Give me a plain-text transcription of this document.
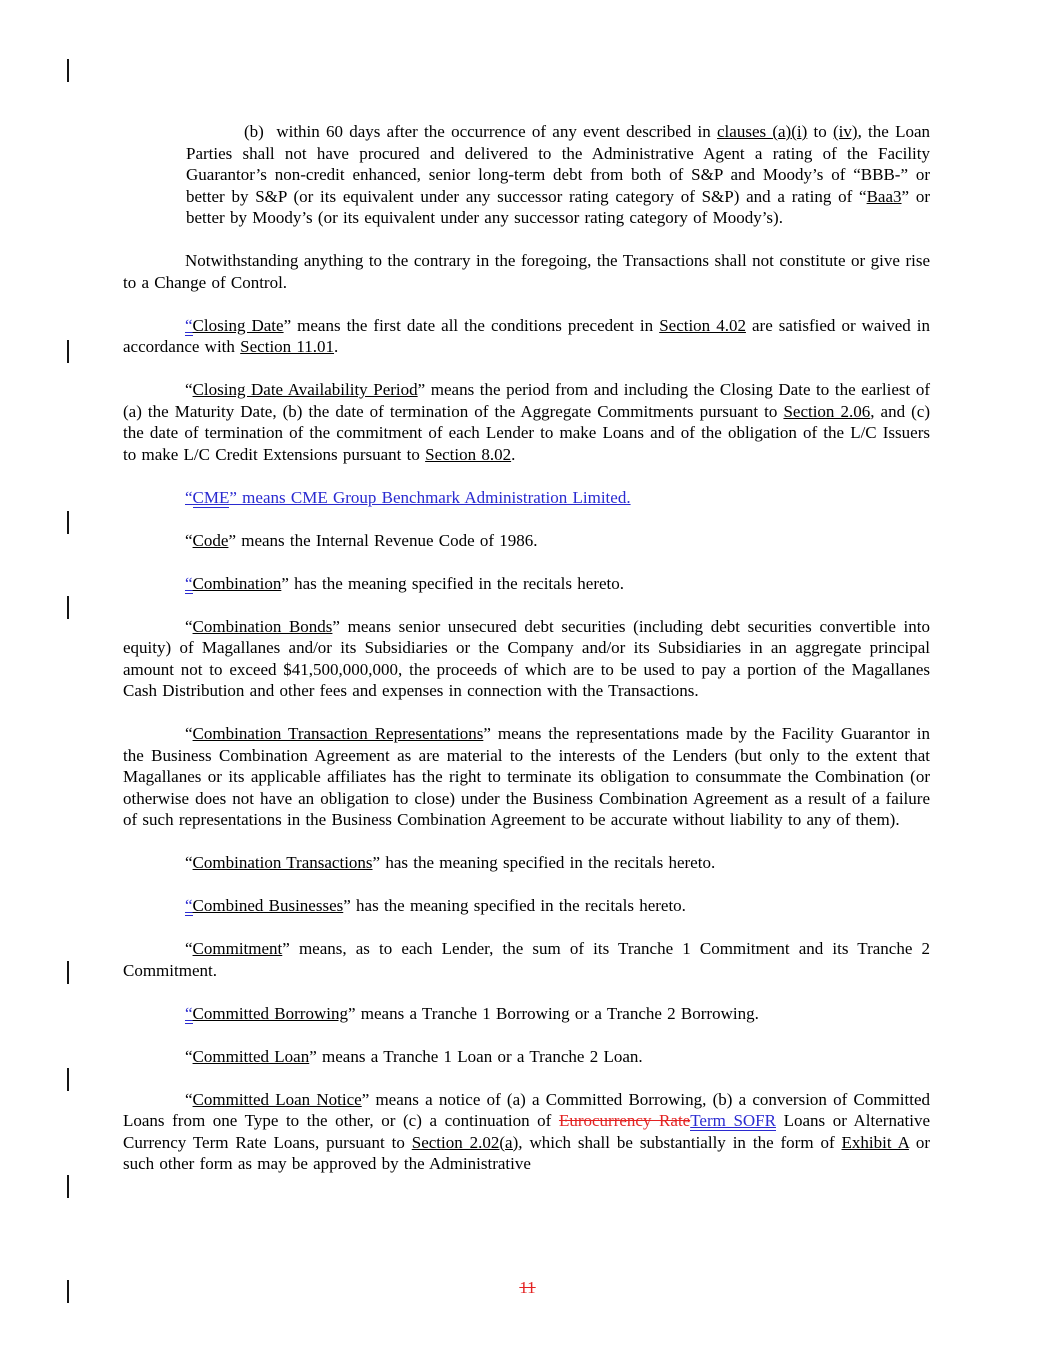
(b)  within 60 days after the occurrence of any event described in clauses (a)(i) to (iv), the Loan Parties shall not have procured and delivered to the Administrative Agent a rating of the Facility Guarantor’s non-credit enhanced, senior long-term debt from both of S&P and Moody’s of “BBB-” or better by S&P (or its equivalent under any successor rating category of S&P) and a rating of “Baa3” or better by Moody’s (or its equivalent under any successor rating category of Moody’s).

Notwithstanding anything to the contrary in the foregoing, the Transactions shall not constitute or give rise to a Change of Control.

“Closing Date” means the first date all the conditions precedent in Section 4.02 are satisfied or waived in accordance with Section 11.01.

“Closing Date Availability Period” means the period from and including the Closing Date to the earliest of (a) the Maturity Date, (b) the date of termination of the Aggregate Commitments pursuant to Section 2.06, and (c) the date of termination of the commitment of each Lender to make Loans and of the obligation of the L/C Issuers to make L/C Credit Extensions pursuant to Section 8.02.

“CME” means CME Group Benchmark Administration Limited.

“Code” means the Internal Revenue Code of 1986.

“Combination” has the meaning specified in the recitals hereto.

“Combination Bonds” means senior unsecured debt securities (including debt securities convertible into equity) of Magallanes and/or its Subsidiaries or the Company and/or its Subsidiaries in an aggregate principal amount not to exceed $41,500,000,000, the proceeds of which are to be used to pay a portion of the Magallanes Cash Distribution and other fees and expenses in connection with the Transactions.

“Combination Transaction Representations” means the representations made by the Facility Guarantor in the Business Combination Agreement as are material to the interests of the Lenders (but only to the extent that Magallanes or its applicable affiliates has the right to terminate its obligation to consummate the Combination (or otherwise does not have an obligation to close) under the Business Combination Agreement as a result of a failure of such representations in the Business Combination Agreement to be accurate without liability to any of them).

“Combination Transactions” has the meaning specified in the recitals hereto.

“Combined Businesses” has the meaning specified in the recitals hereto.

“Commitment” means, as to each Lender, the sum of its Tranche 1 Commitment and its Tranche 2 Commitment.

“Committed Borrowing” means a Tranche 1 Borrowing or a Tranche 2 Borrowing.

“Committed Loan” means a Tranche 1 Loan or a Tranche 2 Loan.

“Committed Loan Notice” means a notice of (a) a Committed Borrowing, (b) a conversion of Committed Loans from one Type to the other, or (c) a continuation of Eurocurrency RateTerm SOFR Loans or Alternative Currency Term Rate Loans, pursuant to Section 2.02(a), which shall be substantially in the form of Exhibit A or such other form as may be approved by the Administrative

11
